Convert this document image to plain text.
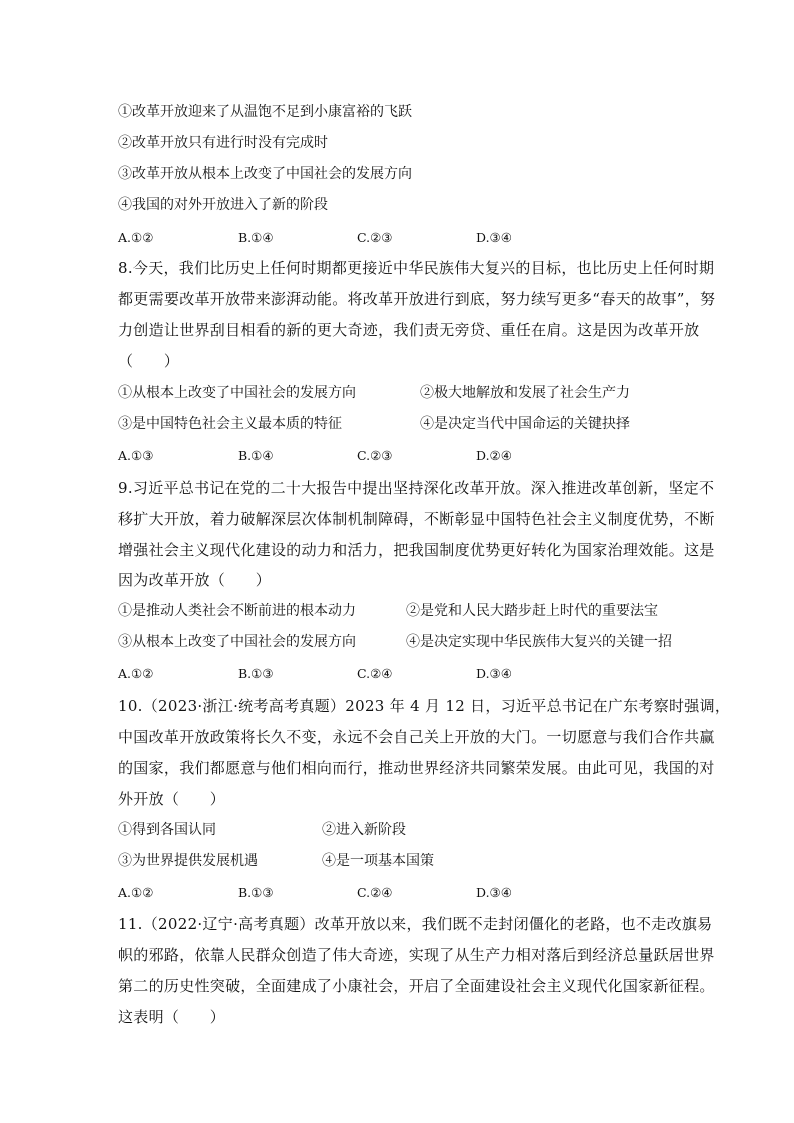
①改革开放迎来了从温饱不足到小康富裕的飞跃
②改革开放只有进行时没有完成时
③改革开放从根本上改变了中国社会的发展方向
④我国的对外开放进入了新的阶段
A.①②	B.①④	C.②③	D.③④
8.今天，我们比历史上任何时期都更接近中华民族伟大复兴的目标，也比历史上任何时期
都更需要改革开放带来澎湃动能。将改革开放进行到底，努力续写更多“春天的故事”，努
力创造让世界刮目相看的新的更大奇迹，我们责无旁贷、重任在肩。这是因为改革开放
（　　）
①从根本上改变了中国社会的发展方向	②极大地解放和发展了社会生产力
③是中国特色社会主义最本质的特征	④是决定当代中国命运的关键抉择
A.①③	B.①④	C.②③	D.②④
9.习近平总书记在党的二十大报告中提出坚持深化改革开放。深入推进改革创新，坚定不
移扩大开放，着力破解深层次体制机制障碍，不断彰显中国特色社会主义制度优势，不断
增强社会主义现代化建设的动力和活力，把我国制度优势更好转化为国家治理效能。这是
因为改革开放（　　）
①是推动人类社会不断前进的根本动力	②是党和人民大踏步赶上时代的重要法宝
③从根本上改变了中国社会的发展方向	④是决定实现中华民族伟大复兴的关键一招
A.①②	B.①③	C.②④	D.③④
10.（2023·浙江·统考高考真题）2023 年 4 月 12 日，习近平总书记在广东考察时强调，
中国改革开放政策将长久不变，永远不会自己关上开放的大门。一切愿意与我们合作共赢
的国家，我们都愿意与他们相向而行，推动世界经济共同繁荣发展。由此可见，我国的对
外开放（　　）
①得到各国认同	②进入新阶段
③为世界提供发展机遇	④是一项基本国策
A.①②	B.①③	C.②④	D.③④
11.（2022·辽宁·高考真题）改革开放以来，我们既不走封闭僵化的老路，也不走改旗易
帜的邪路，依靠人民群众创造了伟大奇迹，实现了从生产力相对落后到经济总量跃居世界
第二的历史性突破，全面建成了小康社会，开启了全面建设社会主义现代化国家新征程。
这表明（　　）
